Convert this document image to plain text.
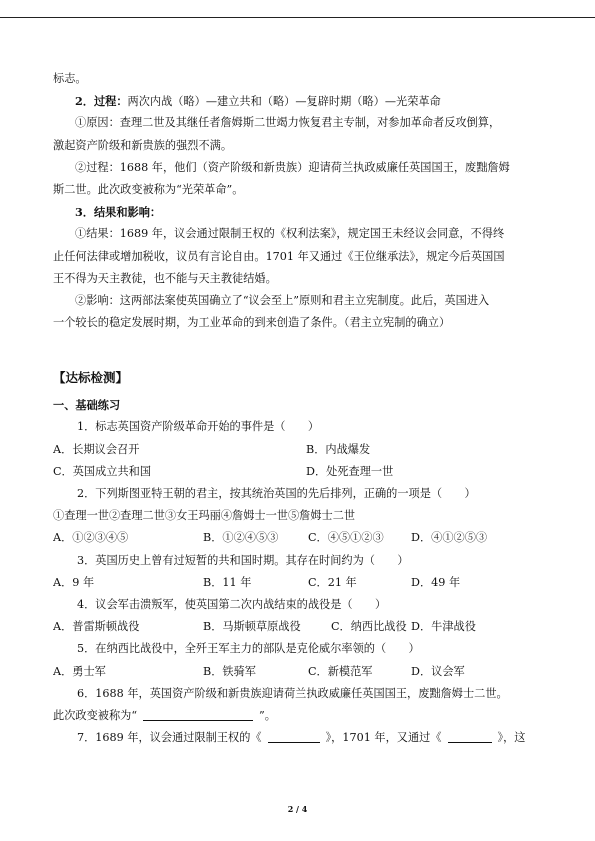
标志。
2．过程：两次内战（略）—建立共和（略）—复辟时期（略）—光荣革命
①原因：查理二世及其继任者詹姆斯二世竭力恢复君主专制，对参加革命者反攻倒算，
激起资产阶级和新贵族的强烈不满。
②过程：1688 年，他们（资产阶级和新贵族）迎请荷兰执政威廉任英国国王，废黜詹姆
斯二世。此次政变被称为“光荣革命”。
3．结果和影响：
①结果：1689 年，议会通过限制王权的《权利法案》，规定国王未经议会同意，不得终
止任何法律或增加税收，议员有言论自由。1701 年又通过《王位继承法》，规定今后英国国
王不得为天主教徒，也不能与天主教徒结婚。
②影响：这两部法案使英国确立了“议会至上”原则和君主立宪制度。此后，英国进入
一个较长的稳定发展时期，为工业革命的到来创造了条件。（君主立宪制的确立）
【达标检测】
一、基础练习
1．标志英国资产阶级革命开始的事件是（　　）
A．长期议会召开	B．内战爆发
C．英国成立共和国	D．处死查理一世
2．下列斯图亚特王朝的君主，按其统治英国的先后排列，正确的一项是（　　）
①查理一世②查理二世③女王玛丽④詹姆士一世⑤詹姆士二世
A．①②③④⑤	B．①②④⑤③	C．④⑤①②③	D．④①②⑤③
3．英国历史上曾有过短暂的共和国时期。其存在时间约为（　　）
A．9 年	B．11 年	C．21 年	D．49 年
4．议会军击溃叛军，使英国第二次内战结束的战役是（　　）
A．普雷斯顿战役	B．马斯顿草原战役	C．纳西比战役 D．牛津战役
5．在纳西比战役中，全歼王军主力的部队是克伦威尔率领的（　　）
A．勇士军	B．铁骑军	C．新模范军	D．议会军
6．1688 年，英国资产阶级和新贵族迎请荷兰执政威廉任英国国王，废黜詹姆士二世。
此次政变被称为“	”。
7．1689 年，议会通过限制王权的《	》，1701 年，又通过《	》，这
2 / 4
